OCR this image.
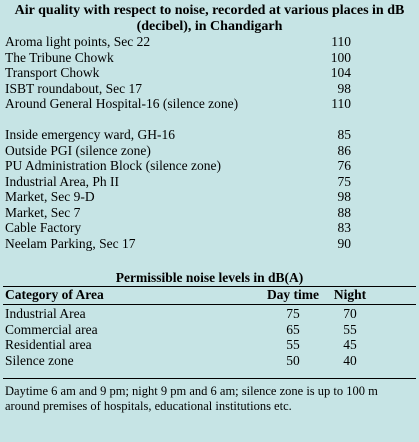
Air quality with respect to noise, recorded at various places in dB (decibel), in Chandigarh
Aroma light points, Sec 22	110
The Tribune Chowk	100
Transport Chowk	104
ISBT roundabout, Sec 17	98
Around General Hospital-16 (silence zone)	110
Inside emergency ward, GH-16	85
Outside PGI (silence zone)	86
PU Administration Block (silence zone)	76
Industrial Area, Ph II	75
Market, Sec 9-D	98
Market, Sec 7	88
Cable Factory	83
Neelam Parking, Sec 17	90
Permissible noise levels in dB(A)
Category of Area	Day time	Night
Industrial Area	75	70
Commercial area	65	55
Residential area	55	45
Silence zone	50	40
Daytime 6 am and 9 pm; night 9 pm and 6 am; silence zone is up to 100 m around premises of hospitals, educational institutions etc.
